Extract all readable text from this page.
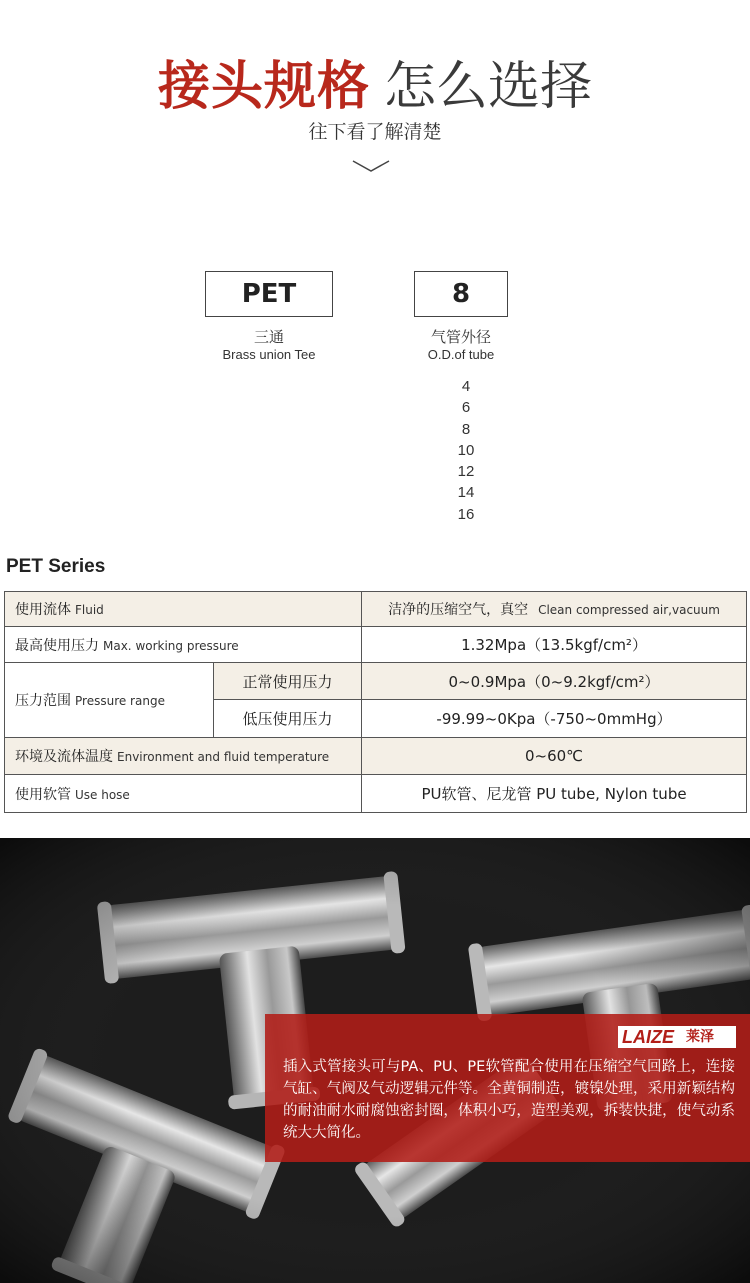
接头规格 怎么选择
往下看了解清楚
PET	8
三通
Brass union Tee
气管外径
O.D.of tube
4
6
8
10
12
14
16
PET Series
使用流体 Fluid		洁净的压缩空气，真空 Clean compressed air,vacuum
最高使用压力 Max. working pressure		1.32Mpa（13.5kgf/cm²）
压力范围 Pressure range	正常使用压力	0~0.9Mpa（0~9.2kgf/cm²）
	低压使用压力	-99.99~0Kpa（-750~0mmHg）
环境及流体温度 Environment and fluid temperature		0~60℃
使用软管 Use hose		PU软管、尼龙管 PU tube, Nylon tube
LAIZE 莱泽
插入式管接头可与PA、PU、PE软管配合使用在压缩空气回路上，连接气缸、气阀及气动逻辑元件等。全黄铜制造，镀镍处理，采用新颖结构的耐油耐水耐腐蚀密封圈，体积小巧，造型美观，拆装快捷，使气动系统大大简化。
